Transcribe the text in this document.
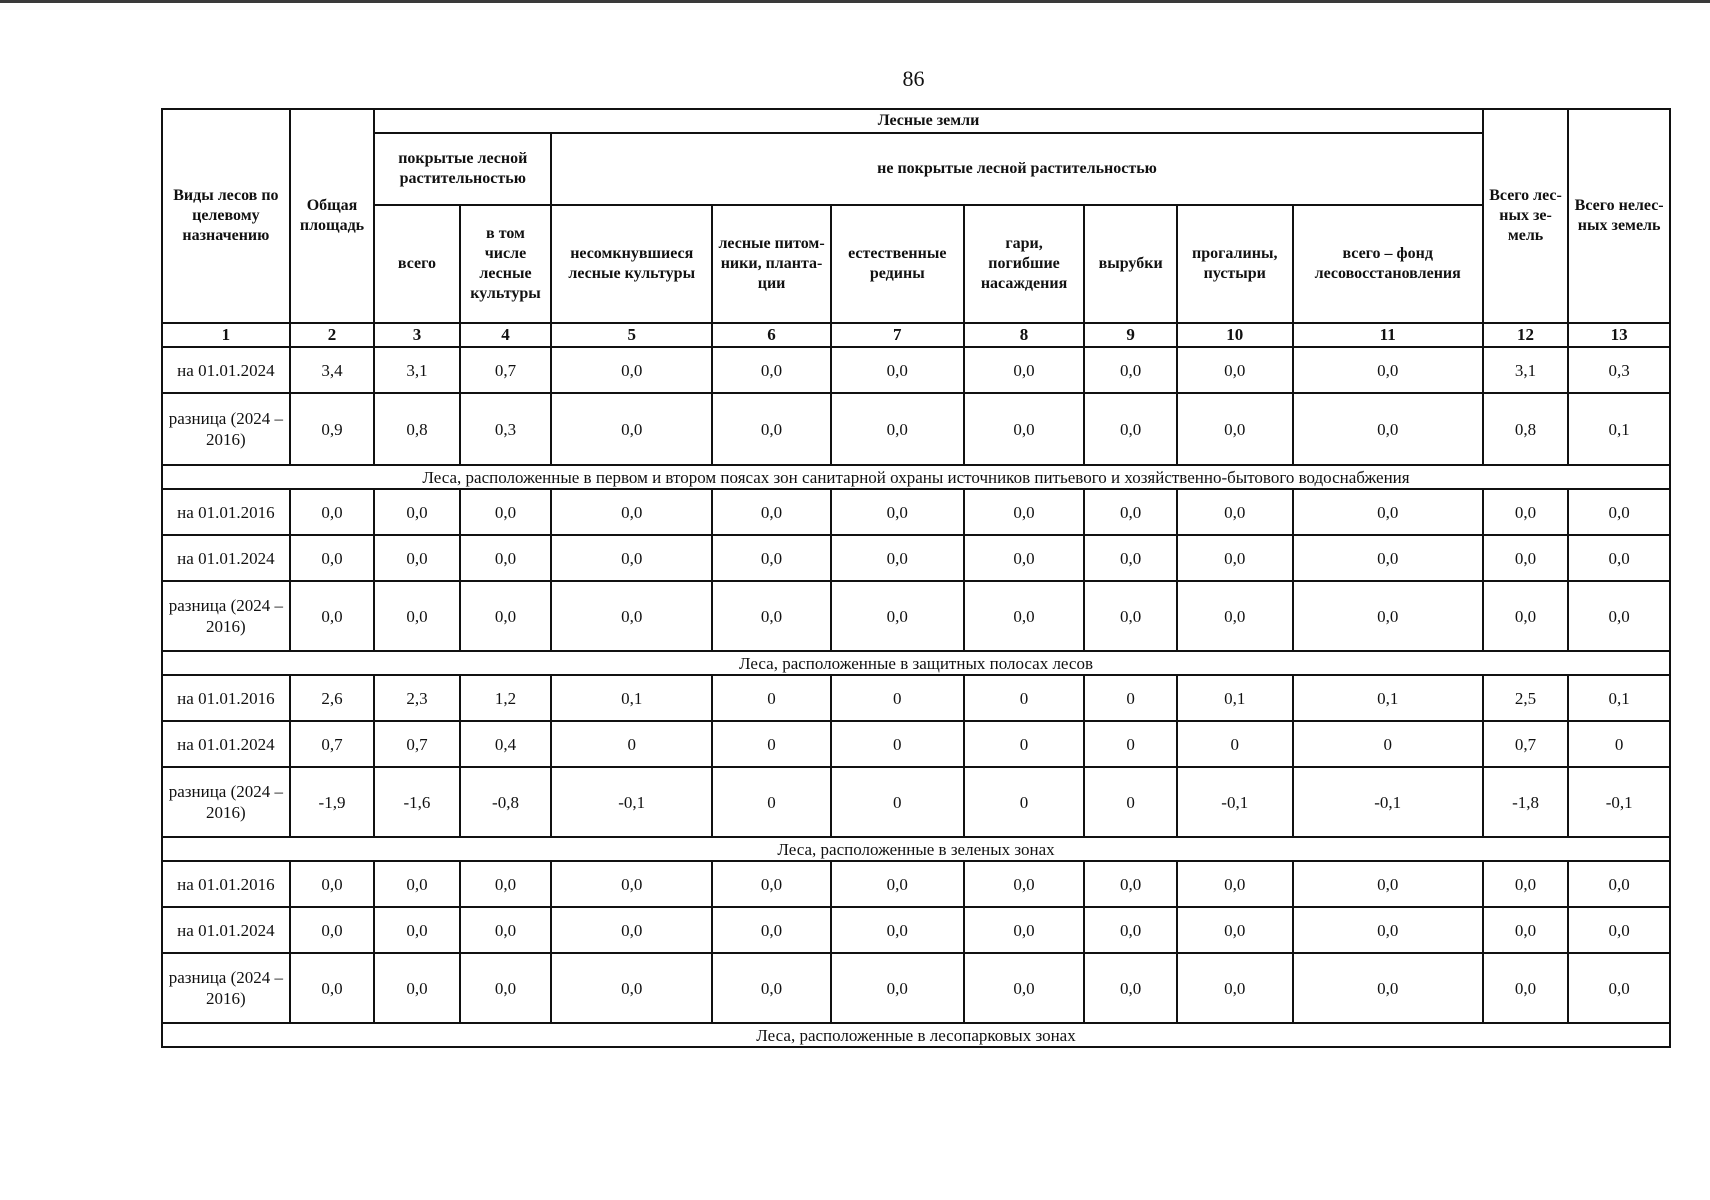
86
Виды лесов по целевому назначению	Общая площадь	Лесные земли									Всего лесных земель	Всего нелесных земель
		покрытые лесной растительностью		не покрытые лесной растительностью								
		всего	в том числе лесные культуры	несомкнувшиеся лесные культуры	лесные питомники, плантации	естественные редины	гари, погибшие насаждения	вырубки	прогалины, пустыри	всего – фонд лесовосстановления		
1	2	3	4	5	6	7	8	9	10	11	12	13
на 01.01.2024	3,4	3,1	0,7	0,0	0,0	0,0	0,0	0,0	0,0	0,0	3,1	0,3
разница (2024 – 2016)	0,9	0,8	0,3	0,0	0,0	0,0	0,0	0,0	0,0	0,0	0,8	0,1
Леса, расположенные в первом и втором поясах зон санитарной охраны источников питьевого и хозяйственно-бытового водоснабжения												
на 01.01.2016	0,0	0,0	0,0	0,0	0,0	0,0	0,0	0,0	0,0	0,0	0,0	0,0
на 01.01.2024	0,0	0,0	0,0	0,0	0,0	0,0	0,0	0,0	0,0	0,0	0,0	0,0
разница (2024 – 2016)	0,0	0,0	0,0	0,0	0,0	0,0	0,0	0,0	0,0	0,0	0,0	0,0
Леса, расположенные в защитных полосах лесов												
на 01.01.2016	2,6	2,3	1,2	0,1	0	0	0	0	0,1	0,1	2,5	0,1
на 01.01.2024	0,7	0,7	0,4	0	0	0	0	0	0	0	0,7	0
разница (2024 – 2016)	-1,9	-1,6	-0,8	-0,1	0	0	0	0	-0,1	-0,1	-1,8	-0,1
Леса, расположенные в зеленых зонах												
на 01.01.2016	0,0	0,0	0,0	0,0	0,0	0,0	0,0	0,0	0,0	0,0	0,0	0,0
на 01.01.2024	0,0	0,0	0,0	0,0	0,0	0,0	0,0	0,0	0,0	0,0	0,0	0,0
разница (2024 – 2016)	0,0	0,0	0,0	0,0	0,0	0,0	0,0	0,0	0,0	0,0	0,0	0,0
Леса, расположенные в лесопарковых зонах												
